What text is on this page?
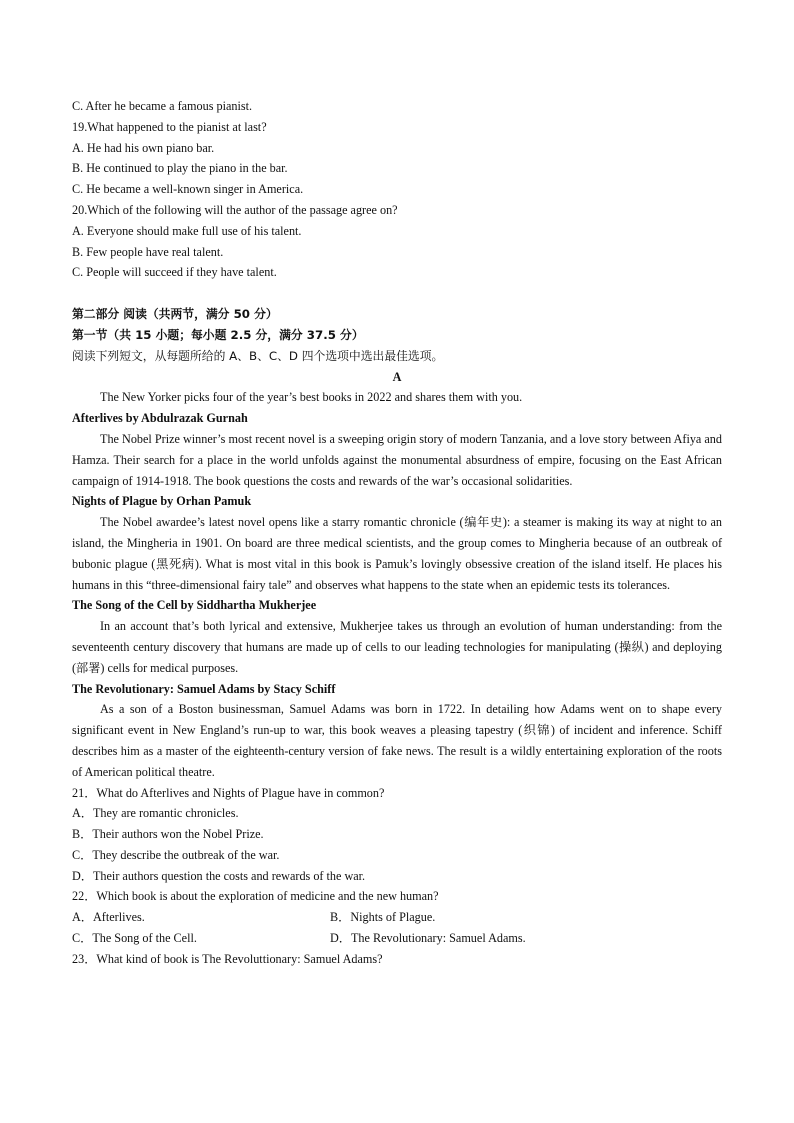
C. After he became a famous pianist.
19.What happened to the pianist at last?
A. He had his own piano bar.
B. He continued to play the piano in the bar.
C. He became a well-known singer in America.
20.Which of the following will the author of the passage agree on?
A. Everyone should make full use of his talent.
B. Few people have real talent.
C. People will succeed if they have talent.
第二部分 阅读（共两节，满分 50 分）
第一节（共 15 小题；每小题 2.5 分，满分 37.5 分）
阅读下列短文，从每题所给的 A、B、C、D 四个选项中选出最佳选项。
A
The New Yorker picks four of the year’s best books in 2022 and shares them with you.
Afterlives by Abdulrazak Gurnah
The Nobel Prize winner’s most recent novel is a sweeping origin story of modern Tanzania, and a love story between Afiya and Hamza. Their search for a place in the world unfolds against the monumental absurdness of empire, focusing on the East African campaign of 1914-1918. The book questions the costs and rewards of the war’s occasional solidarities.
Nights of Plague by Orhan Pamuk
The Nobel awardee’s latest novel opens like a starry romantic chronicle (编年史): a steamer is making its way at night to an island, the Mingheria in 1901. On board are three medical scientists, and the group comes to Mingheria because of an outbreak of bubonic plague (黑死病). What is most vital in this book is Pamuk’s lovingly obsessive creation of the island itself. He places his humans in this “three-dimensional fairy tale” and observes what happens to the state when an epidemic tests its tolerances.
The Song of the Cell by Siddhartha Mukherjee
In an account that’s both lyrical and extensive, Mukherjee takes us through an evolution of human understanding: from the seventeenth century discovery that humans are made up of cells to our leading technologies for manipulating (操纵) and deploying (部署) cells for medical purposes.
The Revolutionary: Samuel Adams by Stacy Schiff
As a son of a Boston businessman, Samuel Adams was born in 1722. In detailing how Adams went on to shape every significant event in New England’s run-up to war, this book weaves a pleasing tapestry (织锦) of incident and inference. Schiff describes him as a master of the eighteenth-century version of fake news. The result is a wildly entertaining exploration of the roots of American political theatre.
21．What do Afterlives and Nights of Plague have in common?
A．They are romantic chronicles.
B．Their authors won the Nobel Prize.
C．They describe the outbreak of the war.
D．Their authors question the costs and rewards of the war.
22．Which book is about the exploration of medicine and the new human?
A．Afterlives.	B．Nights of Plague.
C．The Song of the Cell.	D．The Revolutionary: Samuel Adams.
23．What kind of book is The Revoluttionary: Samuel Adams?
